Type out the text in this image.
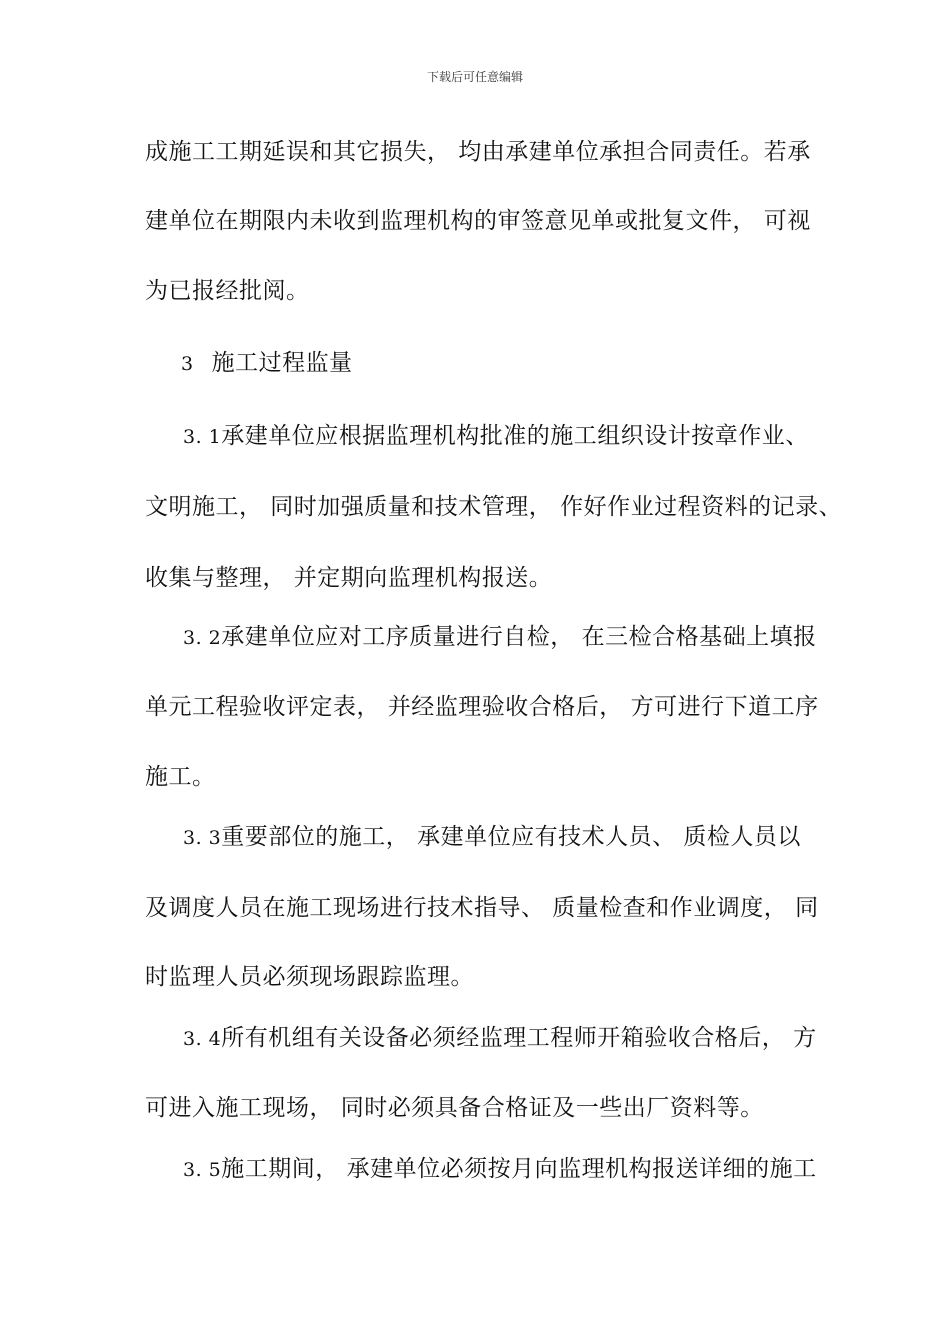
下载后可任意编辑
成施工工期延误和其它损失， 均由承建单位承担合同责任。若承
建单位在期限内未收到监理机构的审签意见单或批复文件， 可视
为已报经批阅。
3 施工过程监量
3. 1承建单位应根据监理机构批准的施工组织设计按章作业、
文明施工， 同时加强质量和技术管理， 作好作业过程资料的记录、
收集与整理， 并定期向监理机构报送。
3. 2承建单位应对工序质量进行自检， 在三检合格基础上填报
单元工程验收评定表， 并经监理验收合格后， 方可进行下道工序
施工。
3. 3重要部位的施工， 承建单位应有技术人员、 质检人员以
及调度人员在施工现场进行技术指导、 质量检查和作业调度， 同
时监理人员必须现场跟踪监理。
3. 4所有机组有关设备必须经监理工程师开箱验收合格后， 方
可进入施工现场， 同时必须具备合格证及一些出厂资料等。
3. 5施工期间， 承建单位必须按月向监理机构报送详细的施工
